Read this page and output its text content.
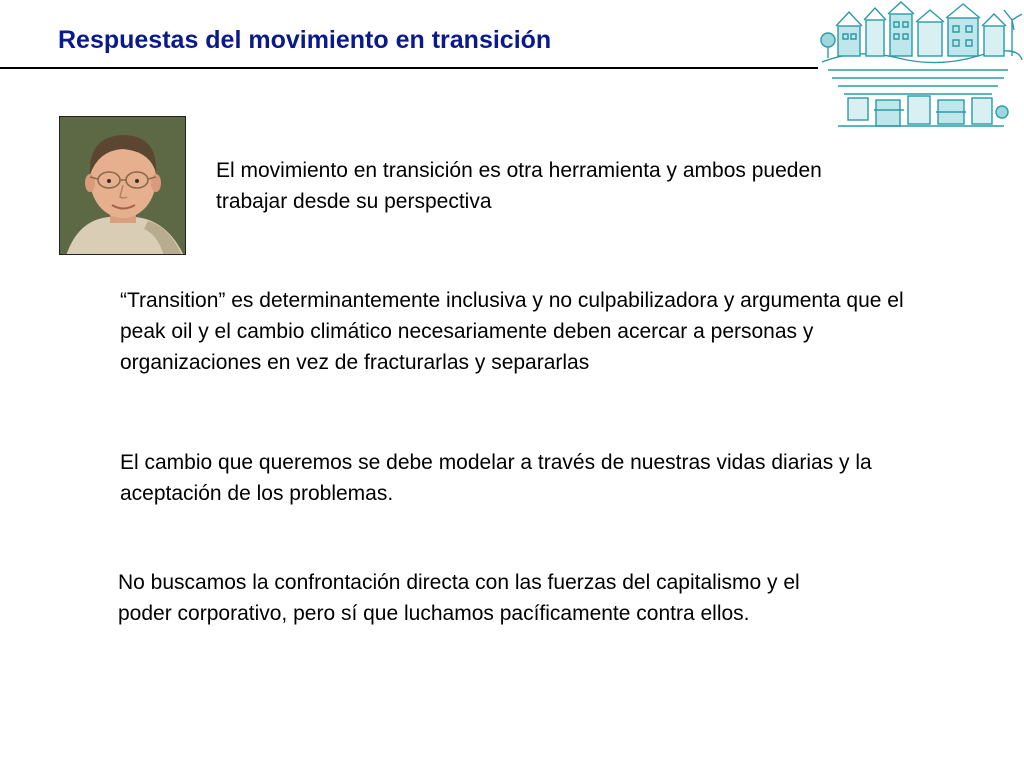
Respuestas del movimiento en transición

El movimiento en transición es otra herramienta y ambos pueden trabajar desde su perspectiva

“Transition” es determinantemente inclusiva y no culpabilizadora y argumenta que el peak oil y el cambio climático necesariamente deben acercar a personas y organizaciones en vez de fracturarlas y separarlas

El cambio que queremos se debe modelar a través de nuestras vidas diarias y la aceptación de los problemas.

No buscamos la confrontación directa con las fuerzas del capitalismo y el poder corporativo, pero sí que luchamos pacíficamente contra ellos.
